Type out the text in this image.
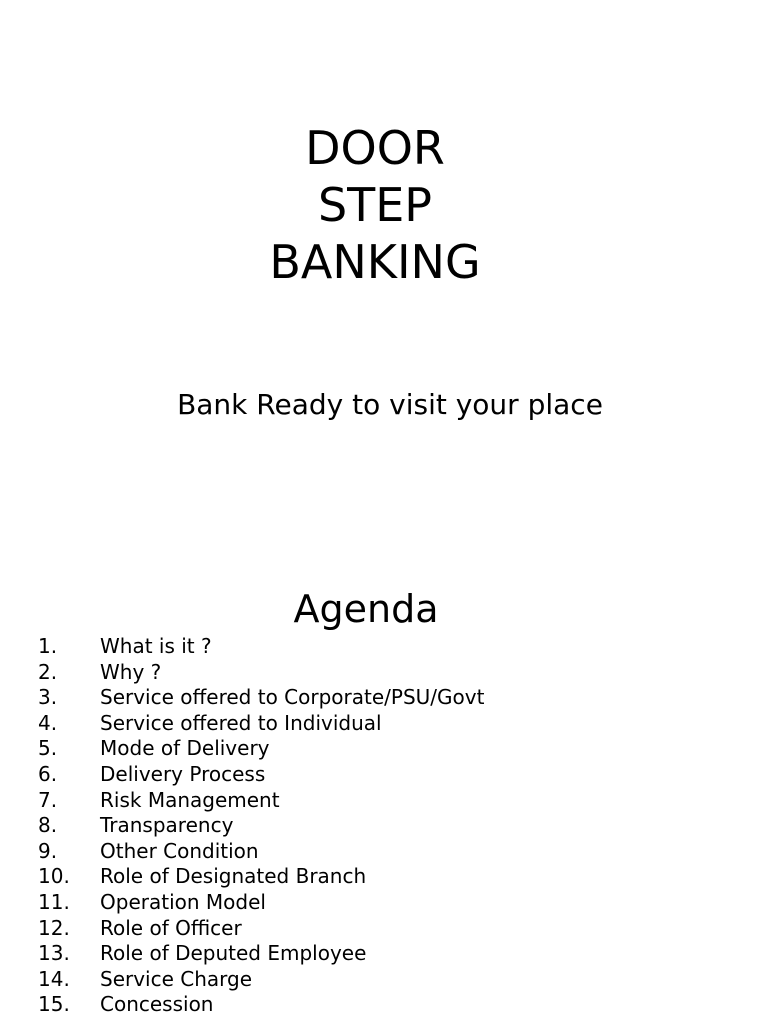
DOOR
STEP
BANKING
Bank Ready to visit your place
Agenda
1. What is it ?
2. Why ?
3. Service offered to Corporate/PSU/Govt
4. Service offered to Individual
5. Mode of Delivery
6. Delivery Process
7. Risk Management
8. Transparency
9. Other Condition
10. Role of Designated Branch
11. Operation Model
12. Role of Officer
13. Role of Deputed Employee
14. Service Charge
15. Concession
